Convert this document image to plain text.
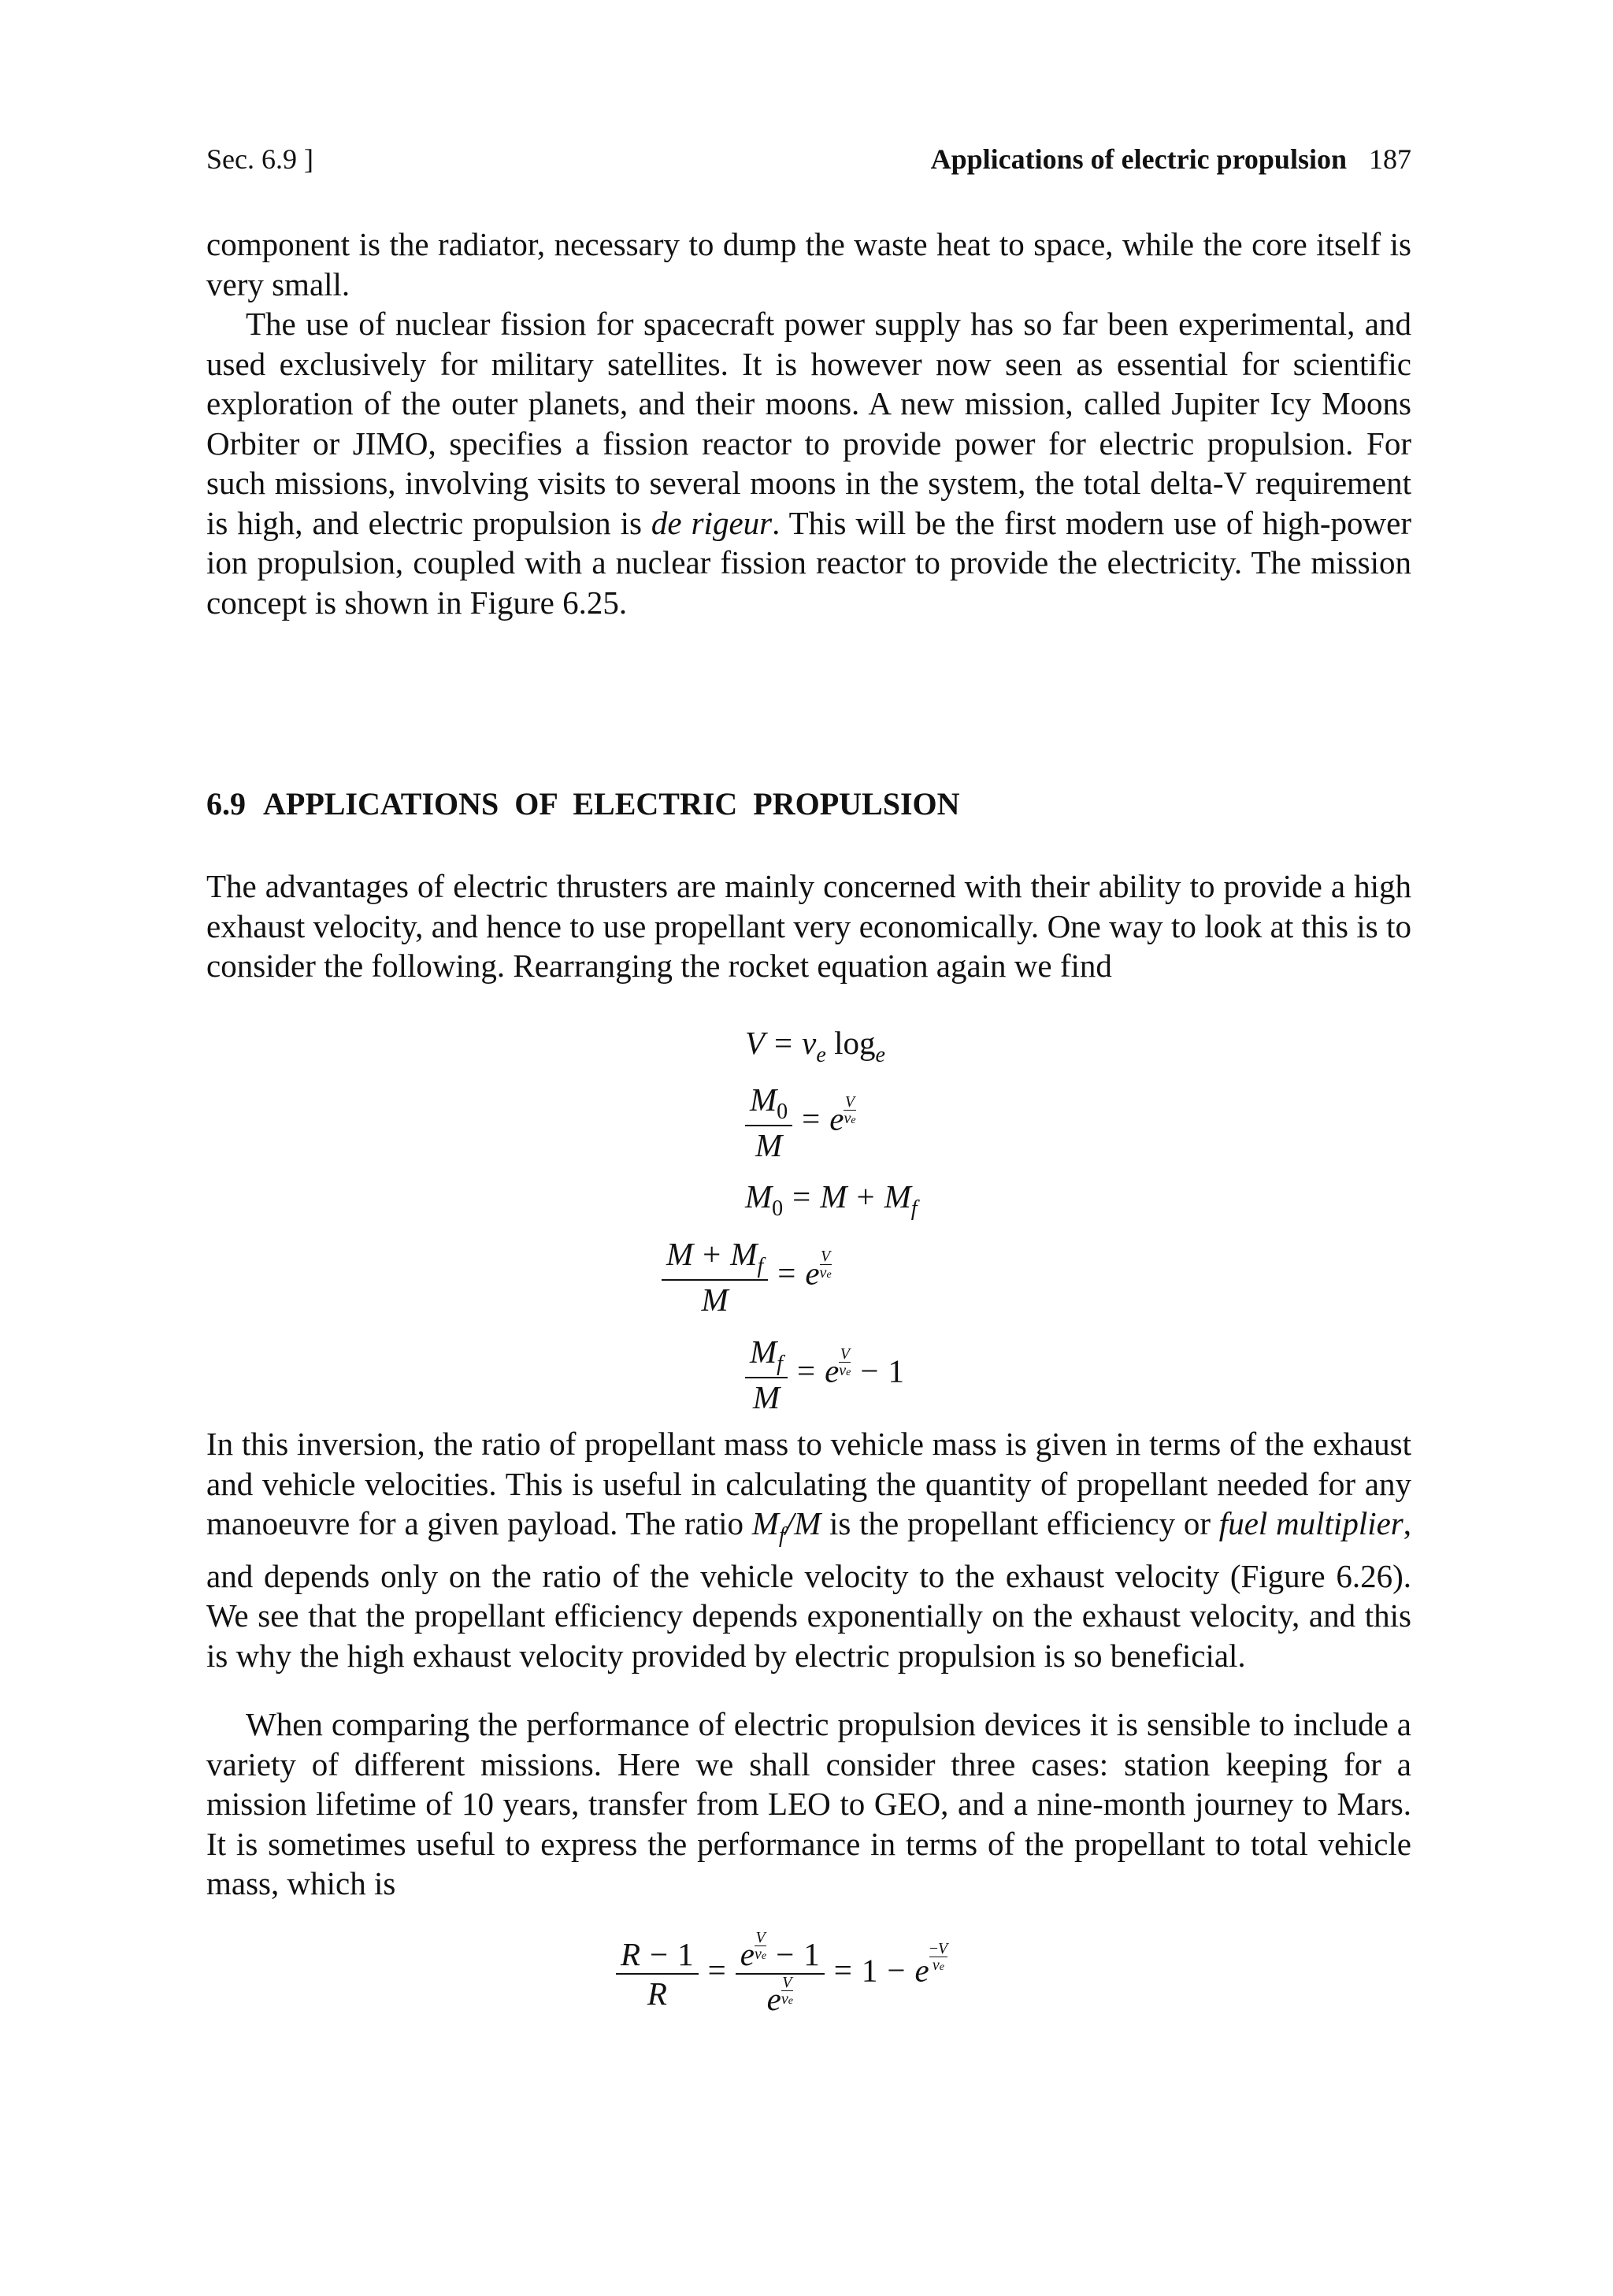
Sec. 6.9 ]	Applications of electric propulsion 187

component is the radiator, necessary to dump the waste heat to space, while the core itself is very small.

The use of nuclear fission for spacecraft power supply has so far been experimental, and used exclusively for military satellites. It is however now seen as essential for scientific exploration of the outer planets, and their moons. A new mission, called Jupiter Icy Moons Orbiter or JIMO, specifies a fission reactor to provide power for electric propulsion. For such missions, involving visits to several moons in the system, the total delta-V requirement is high, and electric propulsion is de rigeur. This will be the first modern use of high-power ion propulsion, coupled with a nuclear fission reactor to provide the electricity. The mission concept is shown in Figure 6.25.

6.9 APPLICATIONS OF ELECTRIC PROPULSION

The advantages of electric thrusters are mainly concerned with their ability to provide a high exhaust velocity, and hence to use propellant very economically. One way to look at this is to consider the following. Rearranging the rocket equation again we find

$V = v_e$ $\log_e$
$\frac{M_0}{M} = e \frac{V}{ve}$
$M_0 = M + M_f$
$\frac{M + M_f}{M} = e \frac{V}{ve}$
$\frac{M_f}{M} = e \frac{V}{ve} - 1$

In this inversion, the ratio of propellant mass to vehicle mass is given in terms of the exhaust and vehicle velocities. This is useful in calculating the quantity of propellant needed for any manoeuvre for a given payload. The ratio $M_f/M$ is the propellant efficiency or fuel multiplier, and depends only on the ratio of the vehicle velocity to the exhaust velocity (Figure 6.26). We see that the propellant efficiency depends exponentially on the exhaust velocity, and this is why the high exhaust velocity provided by electric propulsion is so beneficial.

When comparing the performance of electric propulsion devices it is sensible to include a variety of different missions. Here we shall consider three cases: station keeping for a mission lifetime of 10 years, transfer from LEO to GEO, and a nine-month journey to Mars. It is sometimes useful to express the performance in terms of the propellant to total vehicle mass, which is

$\frac{R - 1}{R} = \frac{e \frac{V}{ve} - 1}{e \frac{V}{ve}} = 1 - e \frac{-V}{ve}$
